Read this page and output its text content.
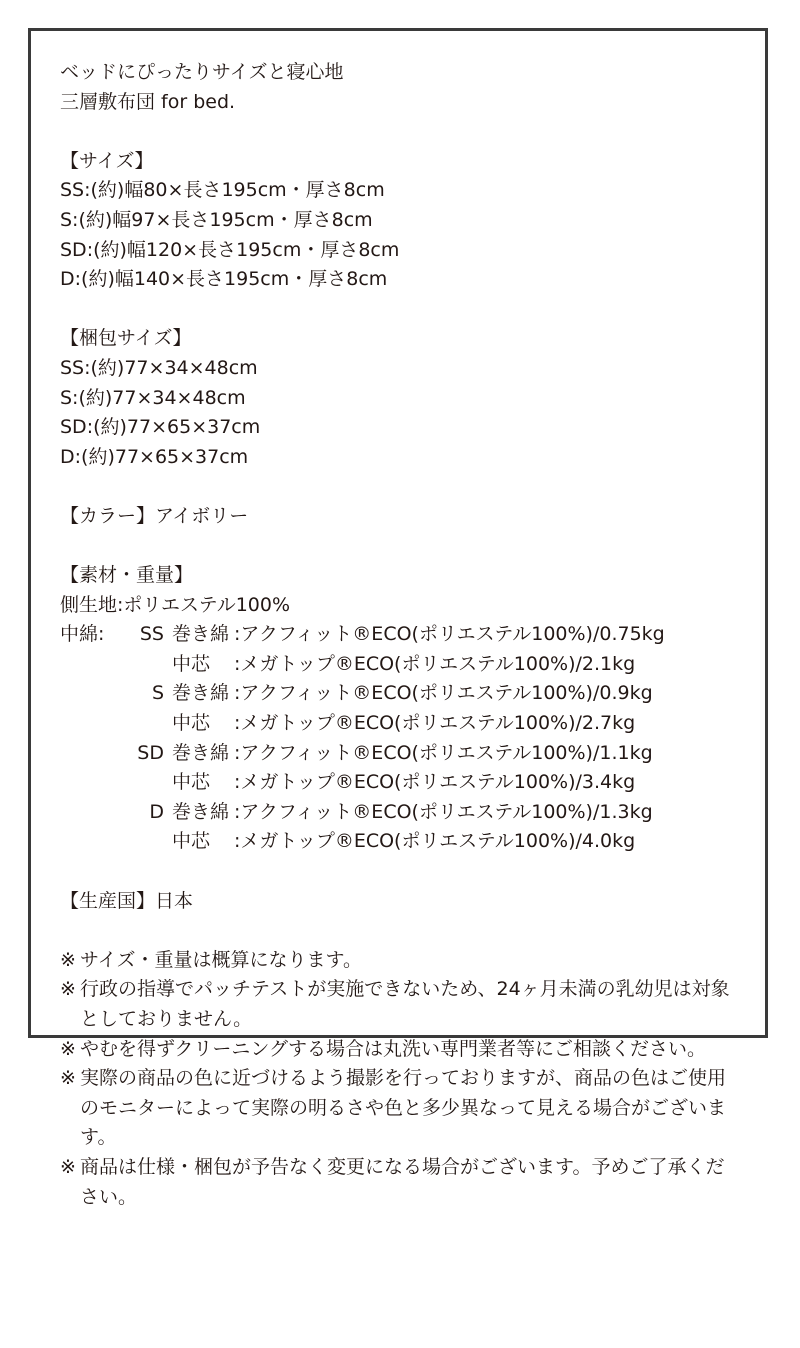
ベッドにぴったりサイズと寝心地
三層敷布団 for bed.
【サイズ】
SS:(約)幅80×長さ195cm・厚さ8cm
S:(約)幅97×長さ195cm・厚さ8cm
SD:(約)幅120×長さ195cm・厚さ8cm
D:(約)幅140×長さ195cm・厚さ8cm
【梱包サイズ】
SS:(約)77×34×48cm
S:(約)77×34×48cm
SD:(約)77×65×37cm
D:(約)77×65×37cm
【カラー】アイボリー
【素材・重量】
側生地:ポリエステル100%
中綿:	SS 巻き綿 :アクフィット®ECO(ポリエステル100%)/0.75kg
中芯	:メガトップ®ECO(ポリエステル100%)/2.1kg
S 巻き綿 :アクフィット®ECO(ポリエステル100%)/0.9kg
中芯	:メガトップ®ECO(ポリエステル100%)/2.7kg
SD 巻き綿 :アクフィット®ECO(ポリエステル100%)/1.1kg
中芯	:メガトップ®ECO(ポリエステル100%)/3.4kg
D 巻き綿 :アクフィット®ECO(ポリエステル100%)/1.3kg
中芯	:メガトップ®ECO(ポリエステル100%)/4.0kg
【生産国】日本
※ サイズ・重量は概算になります。
※ 行政の指導でパッチテストが実施できないため、24ヶ月未満の乳幼児は対象としておりません。
※ やむを得ずクリーニングする場合は丸洗い専門業者等にご相談ください。
※ 実際の商品の色に近づけるよう撮影を行っておりますが、商品の色はご使用のモニターによって実際の明るさや色と多少異なって見える場合がございます。
※ 商品は仕様・梱包が予告なく変更になる場合がございます。予めご了承ください。
